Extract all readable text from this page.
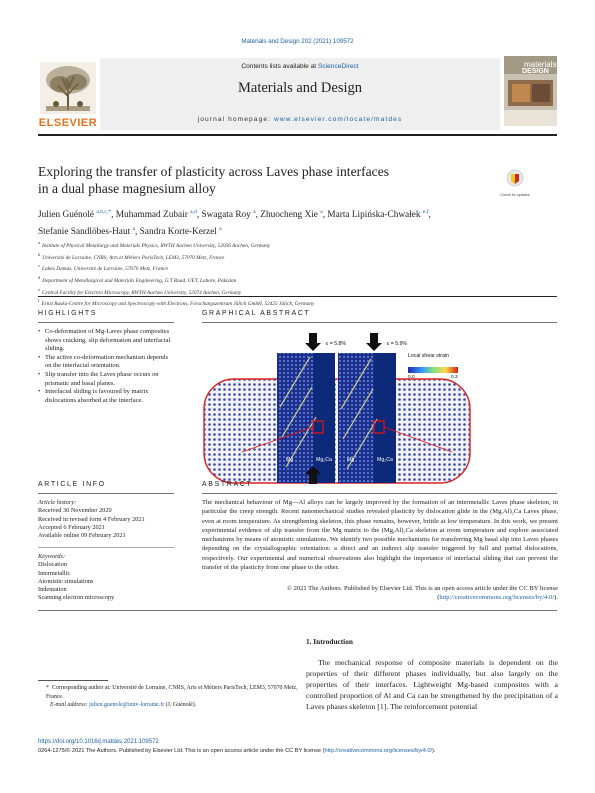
Materials and Design 202 (2021) 109572
ELSEVIER
Contents lists available at ScienceDirect
Materials and Design
journal homepage: www.elsevier.com/locate/matdes
materials
DESIGN
Exploring the transfer of plasticity across Laves phase interfaces
in a dual phase magnesium alloy	Check for updates
Julien Guénolé $^{a,b,c,*}$, Muhammad Zubair $^{a,d}$, Swagata Roy $^a$, Zhuocheng Xie $^a$, Marta Lipińska-Chwałek $^{e,f}$,
Stefanie Sandlöbes-Haut $^a$, Sandra Korte-Kerzel $^a$
$^a$Institute of Physical Metallurgy and Materials Physics, RWTH Aachen University, 52056 Aachen, Germany
$^b$Université de Lorraine, CNRS, Arts et Métiers ParisTech, LEM3, 57070 Metz, France
$^c$Labex Damas, Université de Lorraine, 57070 Metz, France
$^d$Department of Metallurgical and Materials Engineering, G.T Road, UET, Lahore, Pakistan
$^e$Central Facility for Electron Microscopy, RWTH Aachen University, 52074 Aachen, Germany
$^f$Ernst Ruska-Centre for Microscopy and Spectroscopy with Electrons, Forschungszentrum Jülich GmbH, 52425 Jülich, Germany
HIGHLIGHTS
• Co-deformation of Mg-Laves phase composites shows cracking, slip deformation and interfacial sliding.
• The active co-deformation mechanism depends on the interfacial orientation.
• Slip transfer into the Laves phase occurs on prismatic and basal planes.
• Interfacial sliding is favoured by matrix dislocations absorbed at the interface.
GRAPHICAL ABSTRACT
ε = 5.8%	ε = 5.9%
Local shear strain
0.0	0.3
Mg	Mg₂Ca	Mg	Mg₂Ca
ARTICLE INFO
Article history:
Received 30 November 2020
Received in revised form 4 February 2021
Accepted 6 February 2021
Available online 09 February 2021
Keywords:
Dislocation
Intermetallic
Atomistic simulations
Indentation
Scanning electron microscopy
ABSTRACT
The mechanical behaviour of Mg—Al alloys can be largely improved by the formation of an intermetallic Laves phase skeleton, in particular the creep strength. Recent nanomechanical studies revealed plasticity by dislocation glide in the (Mg,Al)₂Ca Laves phase, even at room temperature. As strengthening skeleton, this phase remains, however, brittle at low temperature. In this work, we present experimental evidence of slip transfer from the Mg matrix to the (Mg,Al)₂Ca skeleton at room temperature and explore associated mechanisms by means of atomistic simulations. We identify two possible mechanisms for transferring Mg basal slip into Laves phases depending on the crystallographic orientation: a direct and an indirect slip transfer triggered by full and partial dislocations, respectively. Our experimental and numerical observations also highlight the importance of interfacial sliding that can prevent the transfer of the plasticity from one phase to the other.
© 2021 The Authors. Published by Elsevier Ltd. This is an open access article under the CC BY license (http://creativecommons.org/licenses/by/4.0/).
1. Introduction
The mechanical response of composite materials is dependent on the properties of their different phases individually, but also largely on the properties of their interfaces. Lightweight Mg-based composites with a controlled proportion of Al and Ca can be strengthened by the precipitation of a Laves phases skeleton [1]. The reinforcement potential
* Corresponding author at: Université de Lorraine, CNRS, Arts et Métiers ParisTech, LEM3, 57070 Metz, France.
E-mail address: julien.guenole@univ-lorraine.fr (J. Guénolé).
https://doi.org/10.1016/j.matdes.2021.109572
0264-1275/© 2021 The Authors. Published by Elsevier Ltd. This is an open access article under the CC BY license (http://creativecommons.org/licenses/by/4.0/).
